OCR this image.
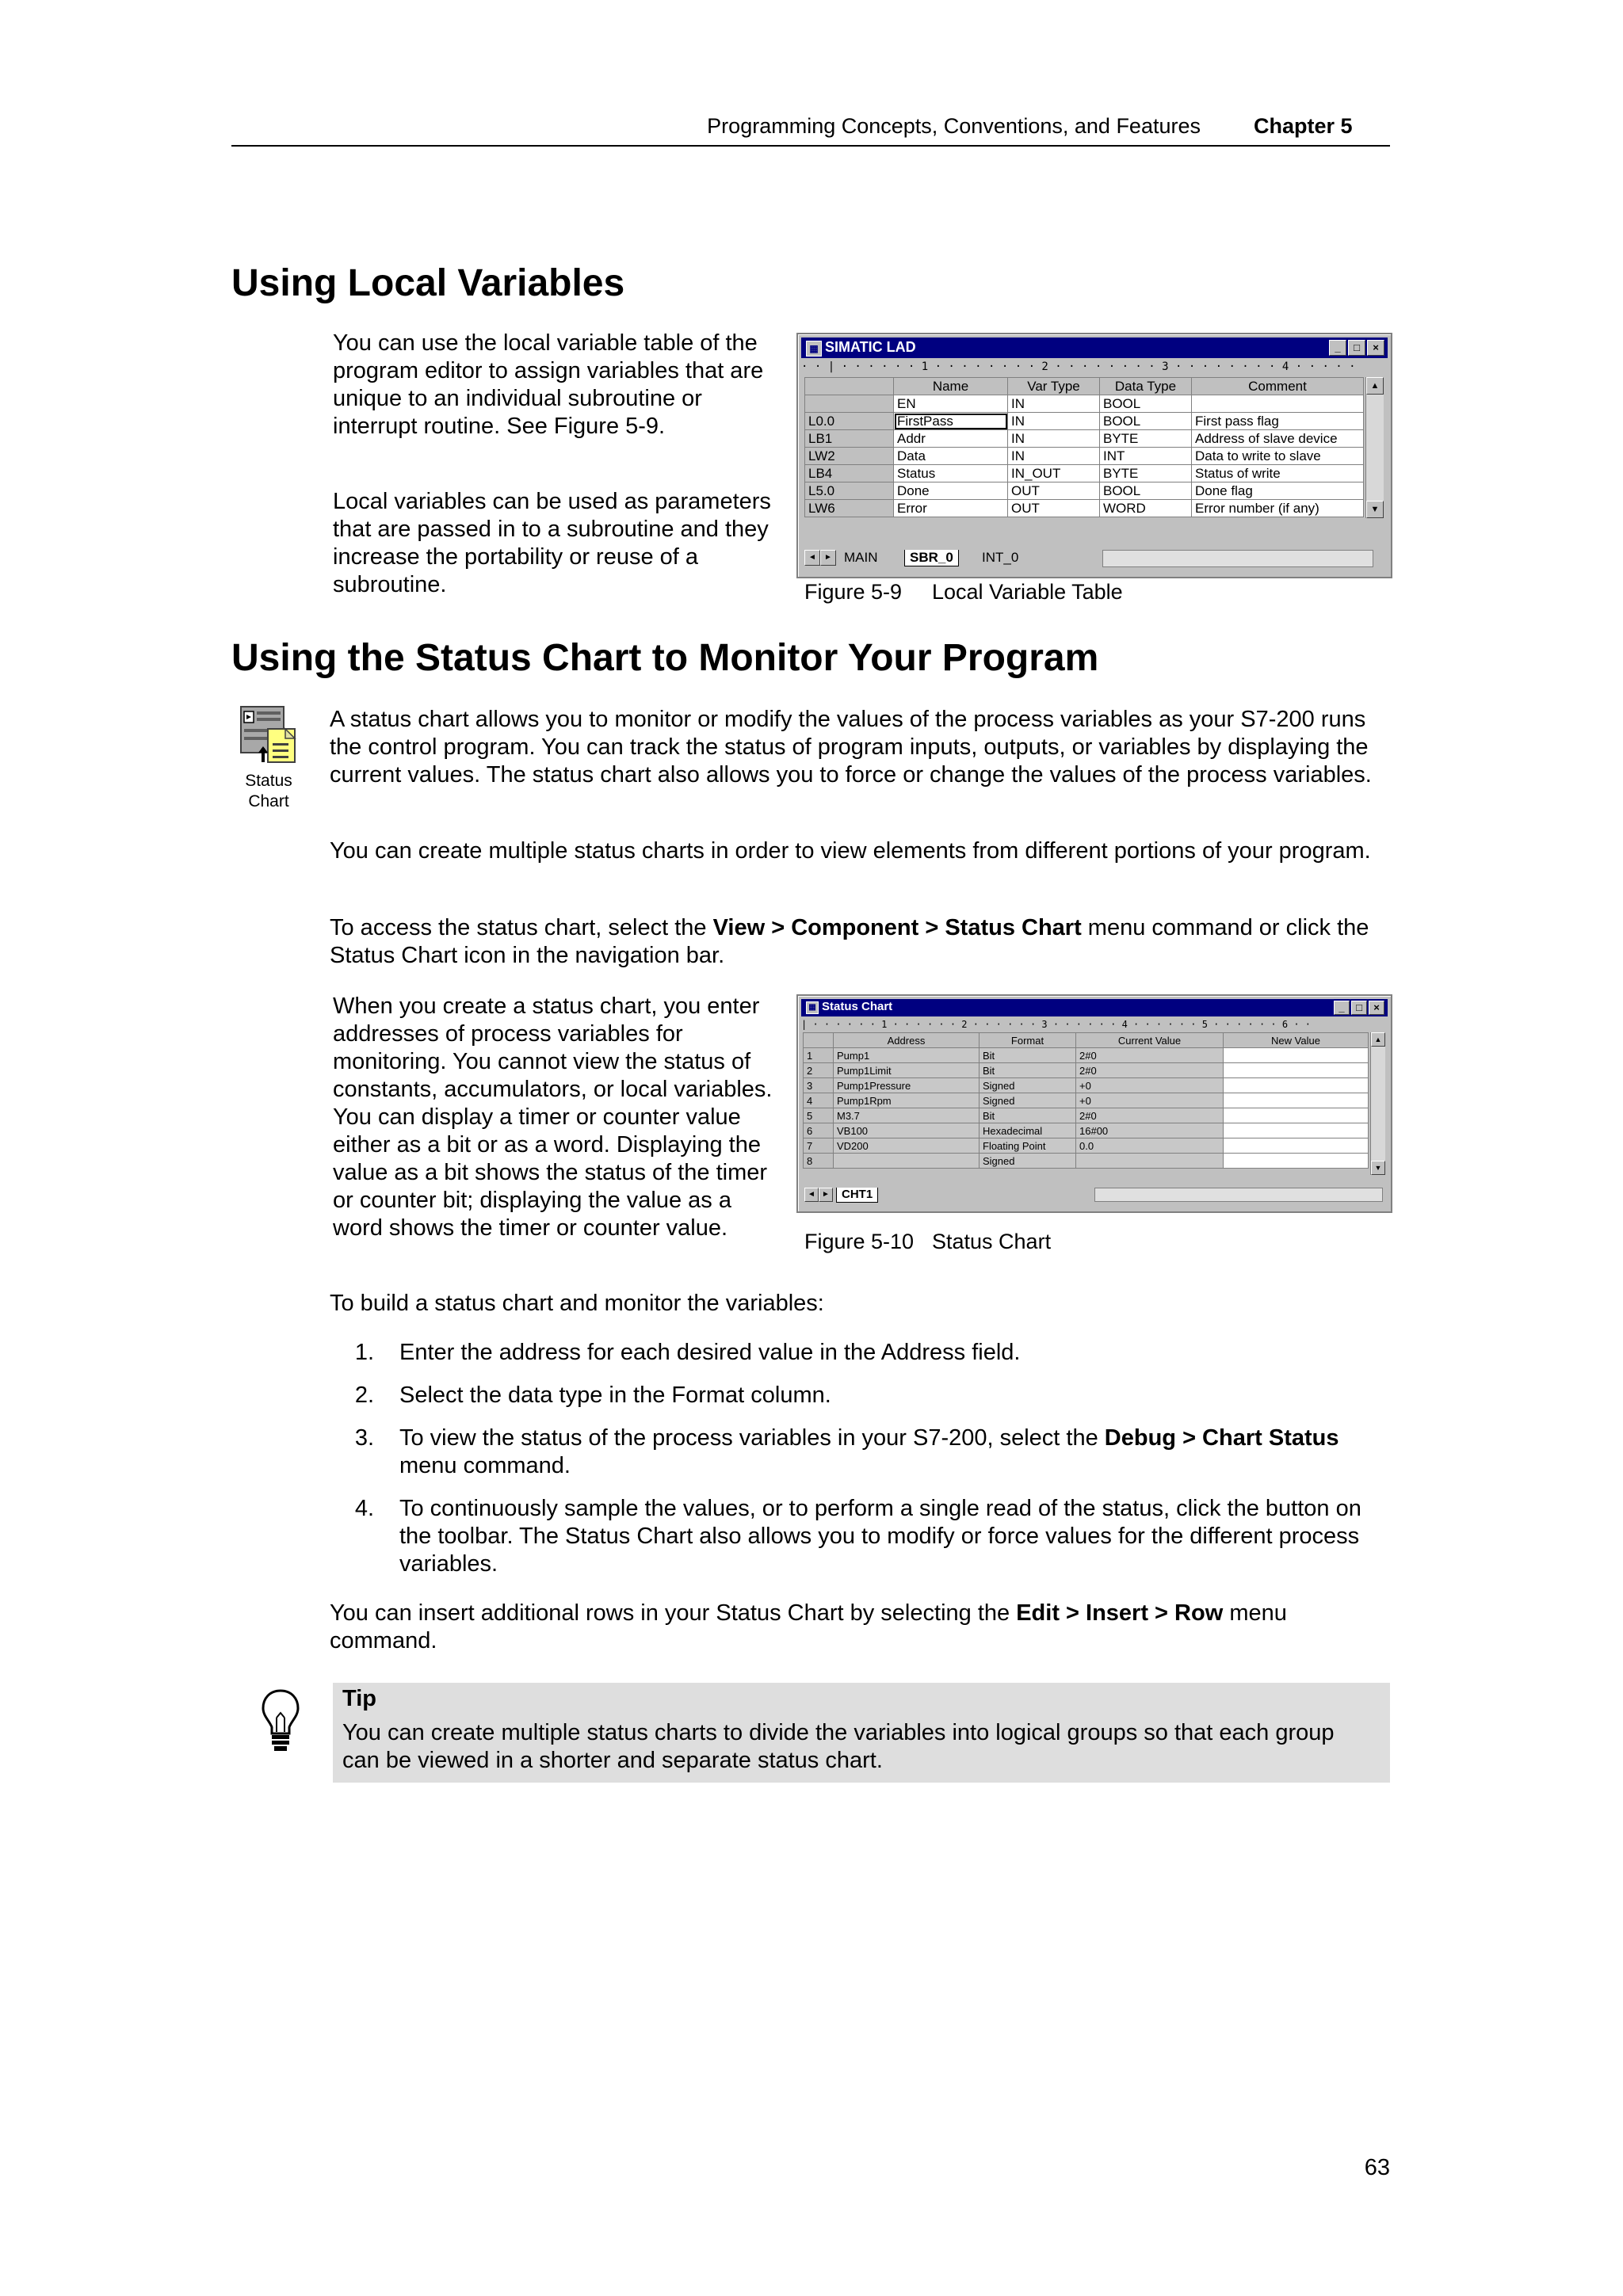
Programming Concepts, Conventions, and Features Chapter 5
Using Local Variables

You can use the local variable table of the program editor to assign variables that are unique to an individual subroutine or interrupt routine. See Figure 5-9.

Local variables can be used as parameters that are passed in to a subroutine and they increase the portability or reuse of a subroutine.

▦ SIMATIC LAD	_	□	×
· · | · · · · · · 1 · · · · · · · · 2 · · · · · · · · 3 · · · · · · · · 4 · · · · ·
	Name	Var Type	Data Type	Comment
	EN	IN	BOOL	
L0.0	FirstPass	IN	BOOL	First pass flag
LB1	Addr	IN	BYTE	Address of slave device
LW2	Data	IN	INT	Data to write to slave
LB4	Status	IN_OUT	BYTE	Status of write
L5.0	Done	OUT	BOOL	Done flag
LW6	Error	OUT	WORD	Error number (if any)
▲
▼
◄	► MAIN	SBR_0	INT_0
Figure 5-9 Local Variable Table
Using the Status Chart to Monitor Your Program
Status
Chart

A status chart allows you to monitor or modify the values of the process variables as your S7-200 runs the control program. You can track the status of program inputs, outputs, or variables by displaying the current values. The status chart also allows you to force or change the values of the process variables.

You can create multiple status charts in order to view elements from different portions of your program.

To access the status chart, select the View > Component > Status Chart menu command or click the Status Chart icon in the navigation bar.

When you create a status chart, you enter addresses of process variables for monitoring. You cannot view the status of constants, accumulators, or local variables. You can display a timer or counter value either as a bit or as a word. Displaying the value as a bit shows the status of the timer or counter bit; displaying the value as a word shows the timer or counter value.

▦ Status Chart	_	□	×
| · · · · · · 1 · · · · · · 2 · · · · · · 3 · · · · · · 4 · · · · · · 5 · · · · · · 6 · ·
	Address	Format	Current Value	New Value
1	Pump1	Bit	2#0	
2	Pump1Limit	Bit	2#0	
3	Pump1Pressure	Signed	+0	
4	Pump1Rpm	Signed	+0	
5	M3.7	Bit	2#0	
6	VB100	Hexadecimal	16#00	
7	VD200	Floating Point	0.0	
8		Signed		
▲
▼
◄ ►	CHT1
Figure 5-10 Status Chart

To build a status chart and monitor the variables:

1.	Enter the address for each desired value in the Address field.
2.	Select the data type in the Format column.
3.	To view the status of the process variables in your S7-200, select the Debug > Chart Status menu command.
4.	To continuously sample the values, or to perform a single read of the status, click the button on the toolbar. The Status Chart also allows you to modify or force values for the different process variables.

You can insert additional rows in your Status Chart by selecting the Edit > Insert > Row menu command.

Tip
You can create multiple status charts to divide the variables into logical groups so that each group can be viewed in a shorter and separate status chart.
63
